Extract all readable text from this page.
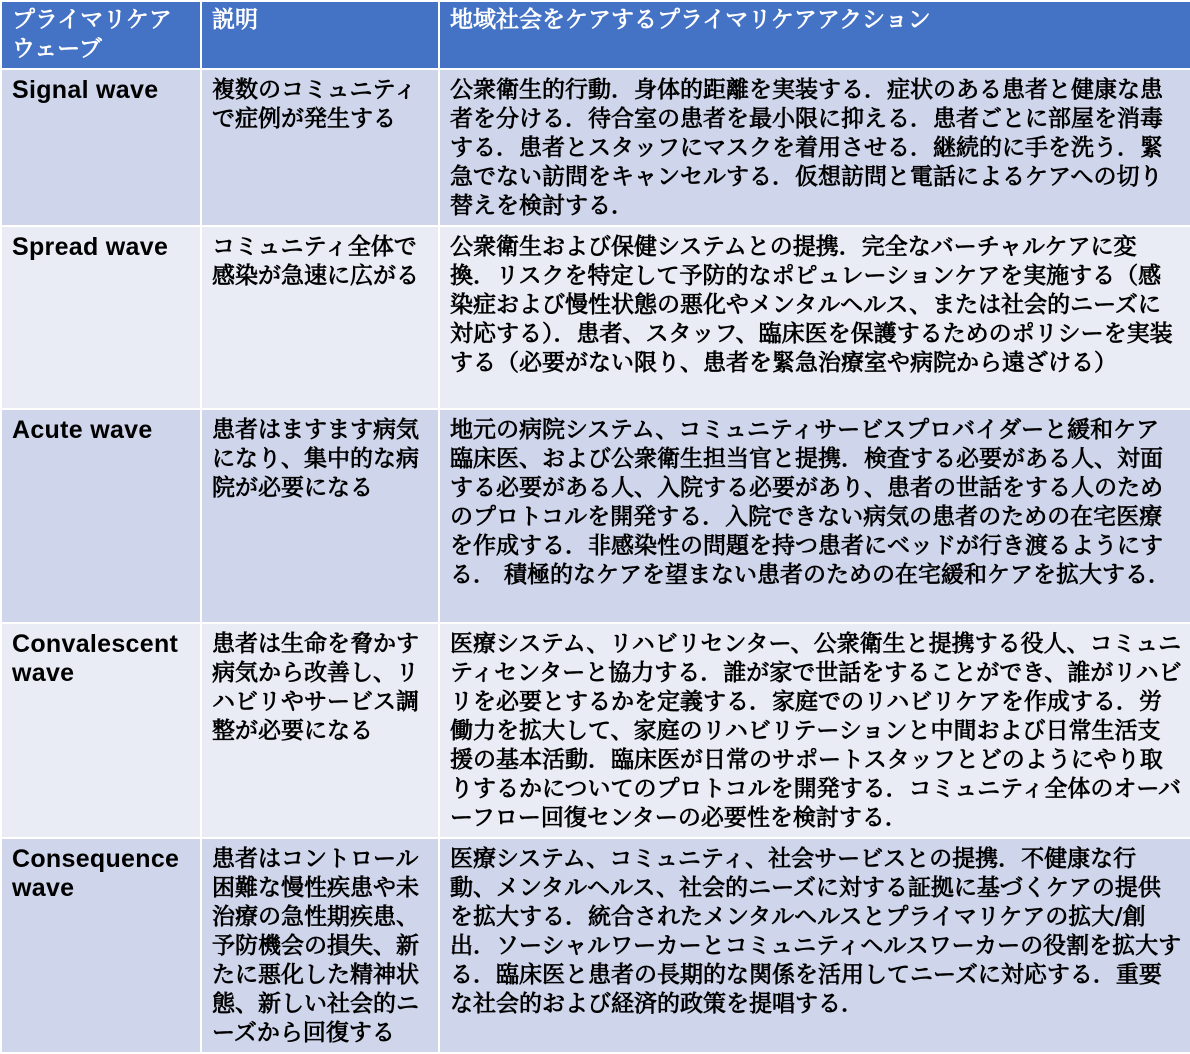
プライマリケアウェーブ	説明	地域社会をケアするプライマリケアアクション
Signal wave	複数のコミュニティで症例が発生する	公衆衛生的行動．身体的距離を実装する．症状のある患者と健康な患者を分ける．待合室の患者を最小限に抑える．患者ごとに部屋を消毒する．患者とスタッフにマスクを着用させる．継続的に手を洗う．緊急でない訪問をキャンセルする．仮想訪問と電話によるケアへの切り替えを検討する．
Spread wave	コミュニティ全体で感染が急速に広がる	公衆衛生および保健システムとの提携．完全なバーチャルケアに変換．リスクを特定して予防的なポピュレーションケアを実施する（感染症および慢性状態の悪化やメンタルヘルス、または社会的ニーズに対応する）．患者、スタッフ、臨床医を保護するためのポリシーを実装する（必要がない限り、患者を緊急治療室や病院から遠ざける）
Acute wave	患者はますます病気になり、集中的な病院が必要になる	地元の病院システム、コミュニティサービスプロバイダーと緩和ケア臨床医、および公衆衛生担当官と提携．検査する必要がある人、対面する必要がある人、入院する必要があり、患者の世話をする人のためのプロトコルを開発する．入院できない病気の患者のための在宅医療を作成する．非感染性の問題を持つ患者にベッドが行き渡るようにする． 積極的なケアを望まない患者のための在宅緩和ケアを拡大する．
Convalescent wave	患者は生命を脅かす病気から改善し、リハビリやサービス調整が必要になる	医療システム、リハビリセンター、公衆衛生と提携する役人、コミュニティセンターと協力する．誰が家で世話をすることができ、誰がリハビリを必要とするかを定義する．家庭でのリハビリケアを作成する．労働力を拡大して、家庭のリハビリテーションと中間および日常生活支援の基本活動．臨床医が日常のサポートスタッフとどのようにやり取りするかについてのプロトコルを開発する．コミュニティ全体のオーバーフロー回復センターの必要性を検討する．
Consequence wave	患者はコントロール困難な慢性疾患や未治療の急性期疾患、予防機会の損失、新たに悪化した精神状態、新しい社会的ニーズから回復する	医療システム、コミュニティ、社会サービスとの提携．不健康な行動、メンタルヘルス、社会的ニーズに対する証拠に基づくケアの提供を拡大する．統合されたメンタルヘルスとプライマリケアの拡大/創出．ソーシャルワーカーとコミュニティヘルスワーカーの役割を拡大する．臨床医と患者の長期的な関係を活用してニーズに対応する．重要な社会的および経済的政策を提唱する．
